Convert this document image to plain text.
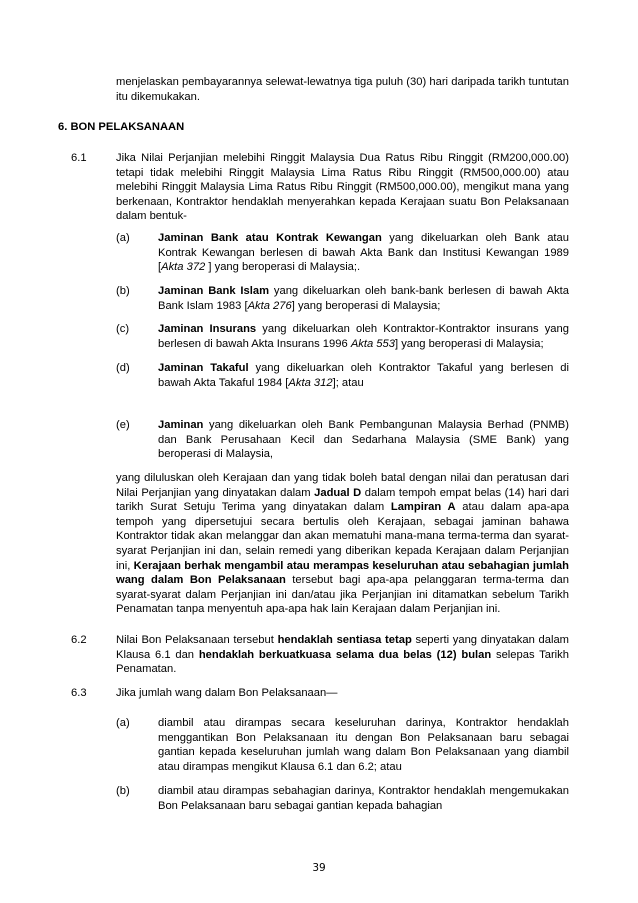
menjelaskan pembayarannya selewat-lewatnya tiga puluh (30) hari daripada tarikh tuntutan itu dikemukakan.
6. BON PELAKSANAAN
6.1	Jika Nilai Perjanjian melebihi Ringgit Malaysia Dua Ratus Ribu Ringgit (RM200,000.00) tetapi tidak melebihi Ringgit Malaysia Lima Ratus Ribu Ringgit (RM500,000.00) atau melebihi Ringgit Malaysia Lima Ratus Ribu Ringgit (RM500,000.00), mengikut mana yang berkenaan, Kontraktor hendaklah menyerahkan kepada Kerajaan suatu Bon Pelaksanaan dalam bentuk-
(a)	Jaminan Bank atau Kontrak Kewangan yang dikeluarkan oleh Bank atau Kontrak Kewangan berlesen di bawah Akta Bank dan Institusi Kewangan 1989 [Akta 372 ] yang beroperasi di Malaysia;.
(b)	Jaminan Bank Islam yang dikeluarkan oleh bank-bank berlesen di bawah Akta Bank Islam 1983 [Akta 276] yang beroperasi di Malaysia;
(c)	Jaminan Insurans yang dikeluarkan oleh Kontraktor-Kontraktor insurans yang berlesen di bawah Akta Insurans 1996 Akta 553] yang beroperasi di Malaysia;
(d)	Jaminan Takaful yang dikeluarkan oleh Kontraktor Takaful yang berlesen di bawah Akta Takaful 1984 [Akta 312]; atau
(e)	Jaminan yang dikeluarkan oleh Bank Pembangunan Malaysia Berhad (PNMB) dan Bank Perusahaan Kecil dan Sedarhana Malaysia (SME Bank) yang beroperasi di Malaysia,
yang diluluskan oleh Kerajaan dan yang tidak boleh batal dengan nilai dan peratusan dari Nilai Perjanjian yang dinyatakan dalam Jadual D dalam tempoh empat belas (14) hari dari tarikh Surat Setuju Terima yang dinyatakan dalam Lampiran A atau dalam apa-apa tempoh yang dipersetujui secara bertulis oleh Kerajaan, sebagai jaminan bahawa Kontraktor tidak akan melanggar dan akan mematuhi mana-mana terma-terma dan syarat-syarat Perjanjian ini dan, selain remedi yang diberikan kepada Kerajaan dalam Perjanjian ini, Kerajaan berhak mengambil atau merampas keseluruhan atau sebahagian jumlah wang dalam Bon Pelaksanaan tersebut bagi apa-apa pelanggaran terma-terma dan syarat-syarat dalam Perjanjian ini dan/atau jika Perjanjian ini ditamatkan sebelum Tarikh Penamatan tanpa menyentuh apa-apa hak lain Kerajaan dalam Perjanjian ini.
6.2	Nilai Bon Pelaksanaan tersebut hendaklah sentiasa tetap seperti yang dinyatakan dalam Klausa 6.1 dan hendaklah berkuatkuasa selama dua belas (12) bulan selepas Tarikh Penamatan.
6.3	Jika jumlah wang dalam Bon Pelaksanaan—
(a)	diambil atau dirampas secara keseluruhan darinya, Kontraktor hendaklah menggantikan Bon Pelaksanaan itu dengan Bon Pelaksanaan baru sebagai gantian kepada keseluruhan jumlah wang dalam Bon Pelaksanaan yang diambil atau dirampas mengikut Klausa 6.1 dan 6.2; atau
(b)	diambil atau dirampas sebahagian darinya, Kontraktor hendaklah mengemukakan Bon Pelaksanaan baru sebagai gantian kepada bahagian
39
